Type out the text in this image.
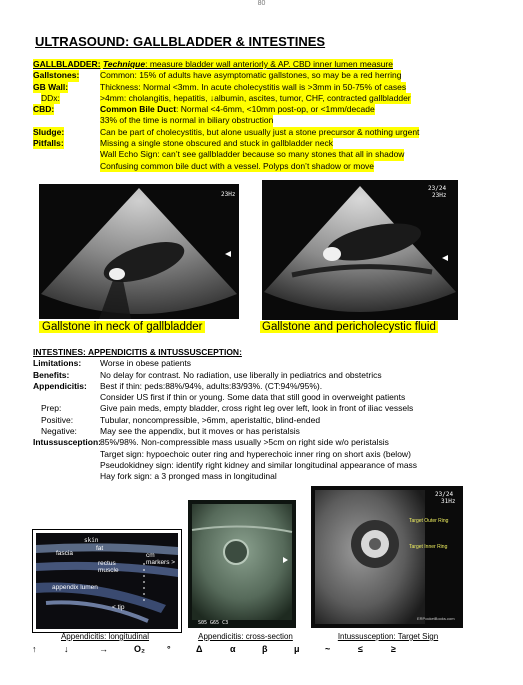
80
ULTRASOUND: GALLBLADDER & INTESTINES
GALLBLADDER: Technique: measure bladder wall anteriorly & AP. CBD inner lumen measure
Gallstones: Common: 15% of adults have asymptomatic gallstones, so may be a red herring
GB Wall:	Thickness: Normal <3mm. In acute cholecystitis wall is >3mm in 50-75% of cases
DDx:	>4mm: cholangitis, hepatitis, ↓albumin, ascites, tumor, CHF, contracted gallbladder
CBD:	Common Bile Duct: Normal <4-6mm, <10mm post-op, or <1mm/decade
33% of the time is normal in biliary obstruction
Sludge:	Can be part of cholecystitis, but alone usually just a stone precursor & nothing urgent
Pitfalls:	Missing a single stone obscured and stuck in gallbladder neck
Wall Echo Sign: can’t see gallbladder because so many stones that all in shadow
Confusing common bile duct with a vessel. Polyps don’t shadow or move
23Hz
23/24
23Hz
Gallstone in neck of gallbladder	Gallstone and pericholecystic fluid
INTESTINES: APPENDICITIS & INTUSSUSCEPTION:
Limitations: Worse in obese patients
Benefits:	No delay for contrast. No radiation, use liberally in pediatrics and obstetrics
Appendicitis: Best if thin: peds:88%/94%, adults:83/93%. (CT:94%/95%).
Consider US first if thin or young. Some data that still good in overweight patients
Prep:	Give pain meds, empty bladder, cross right leg over left, look in front of iliac vessels
Positive:	Tubular, noncompressible, >6mm, aperistaltic, blind-ended
Negative:	May see the appendix, but it moves or has peristalsis
Intussusception:
85%/98%. Non-compressible mass usually >5cm on right side w/o peristalsis
Target sign: hypoechoic outer ring and hyperechoic inner ring on short axis (below)
Pseudokidney sign: identify right kidney and similar longitudinal appearance of mass
Hay fork sign: a 3 pronged mass in longitudinal
skin
fat
fascia
rectus
muscle
cm
markers >
appendix lumen
< tip
S05 G65 C3
23/24
31Hz
Target Outer Ring
Target Inner Ring
ERPocketBooks.com
Appendicitis: longitudinal	Appendicitis: cross-section	Intussusception: Target Sign
↑	↓	→	O₂ °	Δ	α	β	μ	~	≤	≥
